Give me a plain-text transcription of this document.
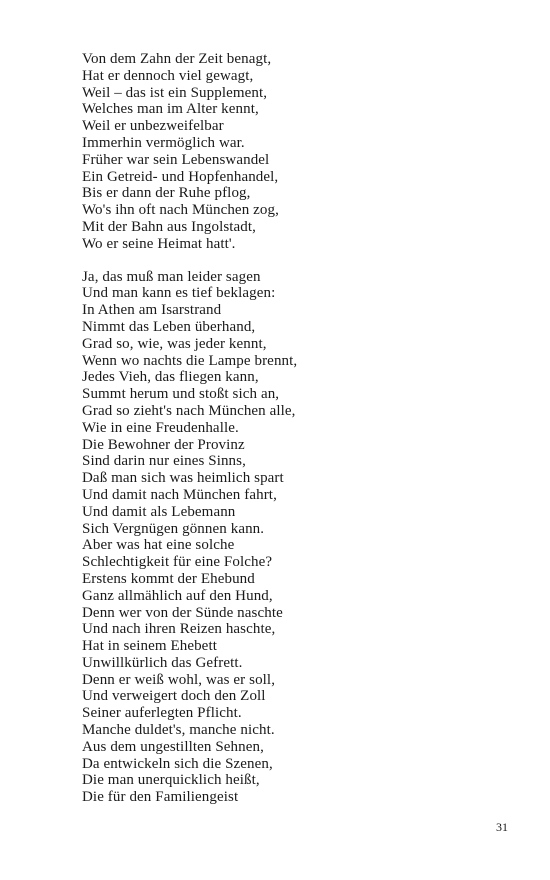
Von dem Zahn der Zeit benagt,
Hat er dennoch viel gewagt,
Weil – das ist ein Supplement,
Welches man im Alter kennt,
Weil er unbezweifelbar
Immerhin vermöglich war.
Früher war sein Lebenswandel
Ein Getreid- und Hopfenhandel,
Bis er dann der Ruhe pflog,
Wo's ihn oft nach München zog,
Mit der Bahn aus Ingolstadt,
Wo er seine Heimat hatt'.

Ja, das muß man leider sagen
Und man kann es tief beklagen:
In Athen am Isarstrand
Nimmt das Leben überhand,
Grad so, wie, was jeder kennt,
Wenn wo nachts die Lampe brennt,
Jedes Vieh, das fliegen kann,
Summt herum und stoßt sich an,
Grad so zieht's nach München alle,
Wie in eine Freudenhalle.
Die Bewohner der Provinz
Sind darin nur eines Sinns,
Daß man sich was heimlich spart
Und damit nach München fahrt,
Und damit als Lebemann
Sich Vergnügen gönnen kann.
Aber was hat eine solche
Schlechtigkeit für eine Folche?
Erstens kommt der Ehebund
Ganz allmählich auf den Hund,
Denn wer von der Sünde naschte
Und nach ihren Reizen haschte,
Hat in seinem Ehebett
Unwillkürlich das Gefrett.
Denn er weiß wohl, was er soll,
Und verweigert doch den Zoll
Seiner auferlegten Pflicht.
Manche duldet's, manche nicht.
Aus dem ungestillten Sehnen,
Da entwickeln sich die Szenen,
Die man unerquicklich heißt,
Die für den Familiengeist

31
